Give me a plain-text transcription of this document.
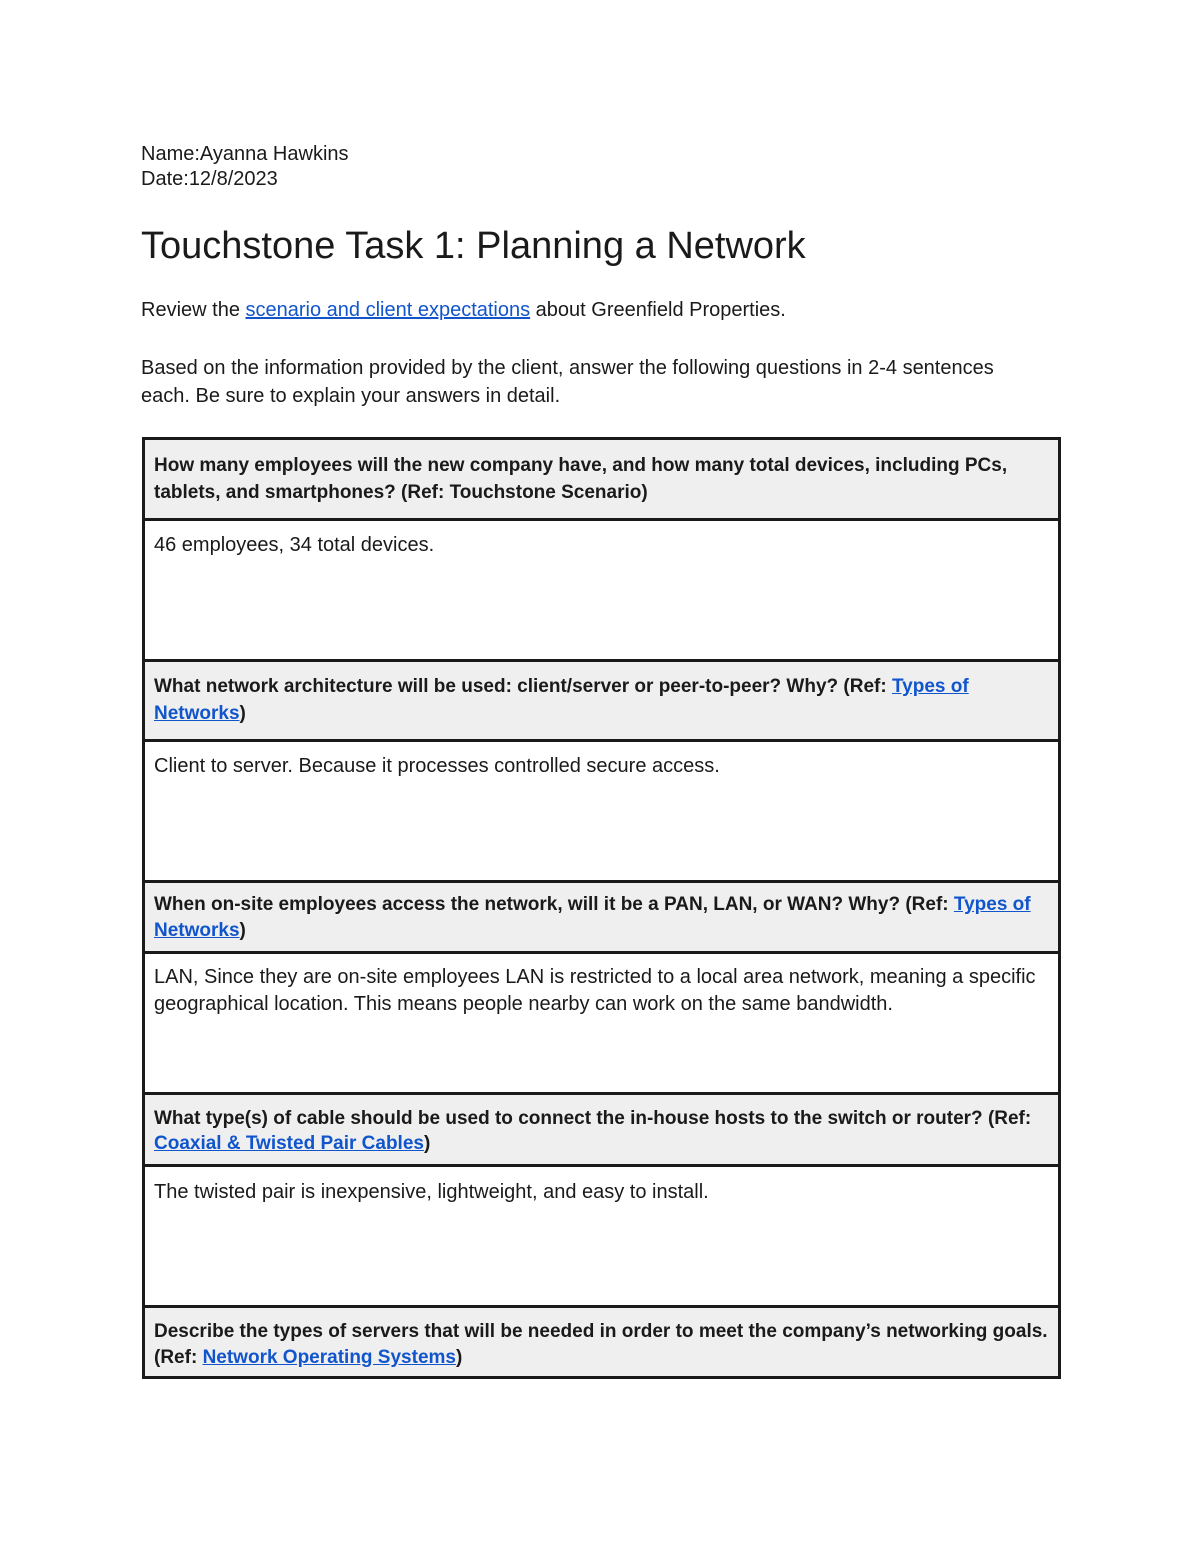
Name:Ayanna Hawkins
Date:12/8/2023
Touchstone Task 1: Planning a Network

Review the scenario and client expectations about Greenfield Properties.

Based on the information provided by the client, answer the following questions in 2-4 sentences each. Be sure to explain your answers in detail.

How many employees will the new company have, and how many total devices, including PCs, tablets, and smartphones? (Ref: Touchstone Scenario)
46 employees, 34 total devices.
What network architecture will be used: client/server or peer-to-peer? Why? (Ref: Types of Networks)
Client to server. Because it processes controlled secure access.
When on-site employees access the network, will it be a PAN, LAN, or WAN? Why? (Ref: Types of Networks)
LAN, Since they are on-site employees LAN is restricted to a local area network, meaning a specific geographical location. This means people nearby can work on the same bandwidth.
What type(s) of cable should be used to connect the in-house hosts to the switch or router? (Ref: Coaxial & Twisted Pair Cables)
The twisted pair is inexpensive, lightweight, and easy to install.
Describe the types of servers that will be needed in order to meet the company’s networking goals. (Ref: Network Operating Systems)
